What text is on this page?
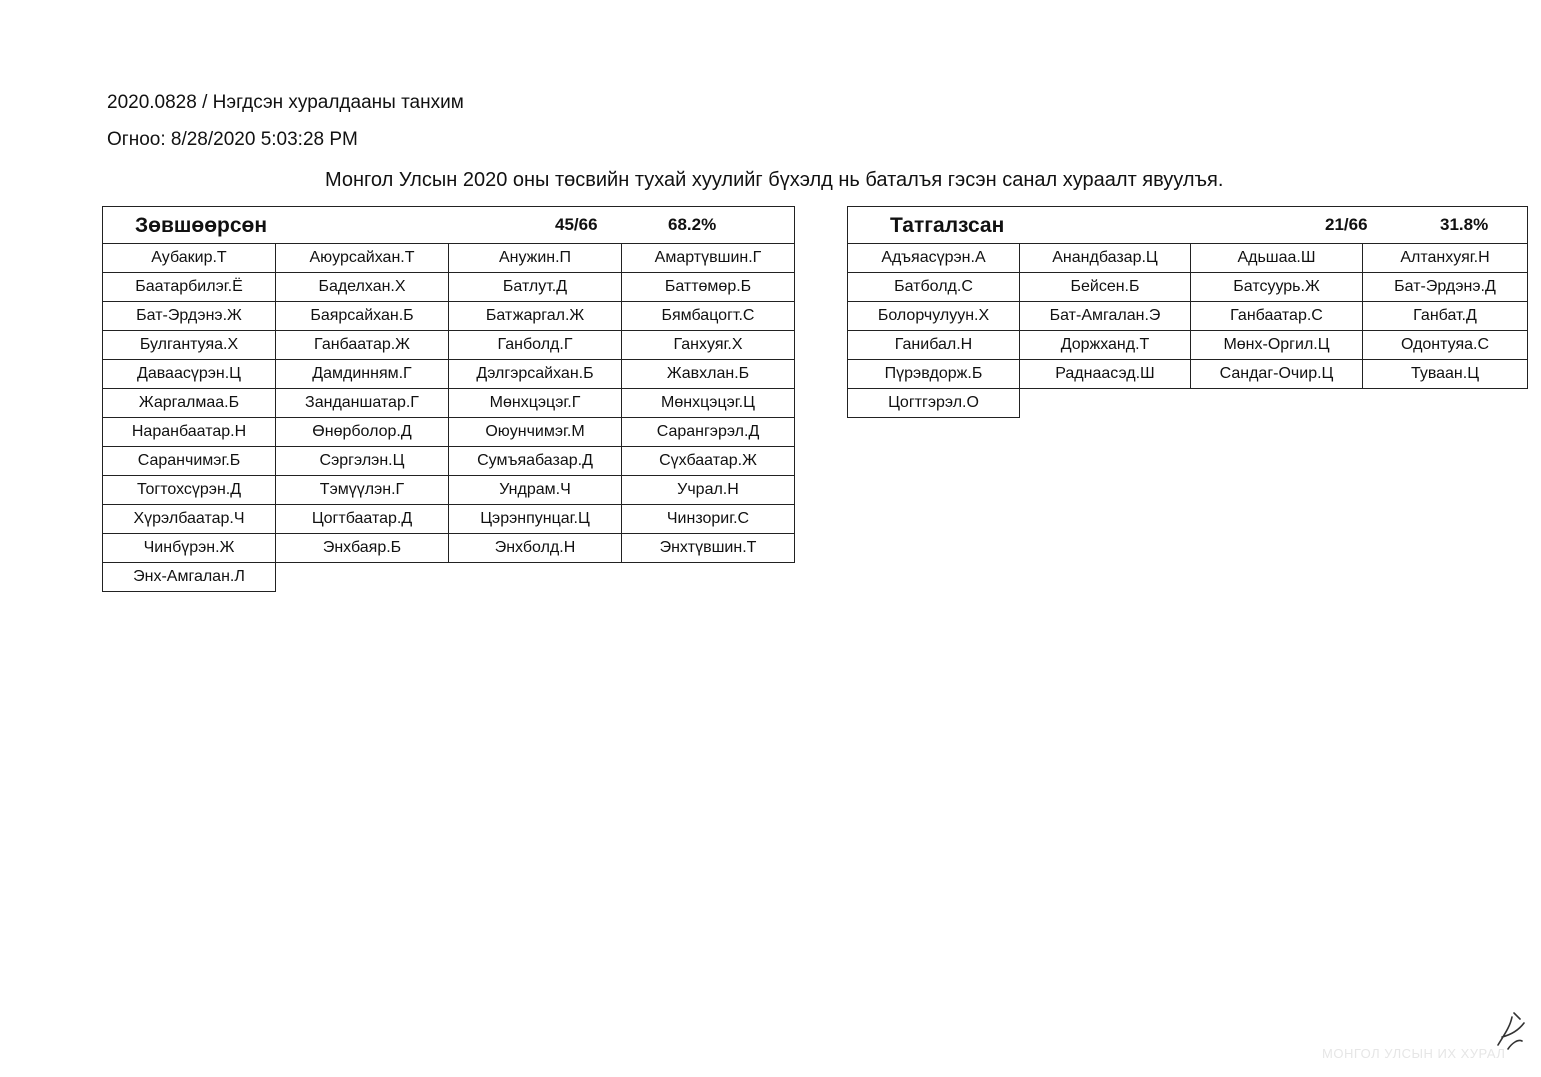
2020.0828 / Нэгдсэн хуралдааны танхим
Огноо: 8/28/2020 5:03:28 PM
Монгол Улсын 2020 оны төсвийн тухай хуулийг бүхэлд нь баталъя гэсэн санал хураалт явуулъя.
Зөвшөөрсөн 45/66 68.2%			

Аубакир.Т	Аюурсайхан.Т	Анужин.П	Амартүвшин.Г
Баатарбилэг.Ё	Баделхан.Х	Батлут.Д	Баттөмөр.Б
Бат-Эрдэнэ.Ж	Баярсайхан.Б	Батжаргал.Ж	Бямбацогт.С
Булгантуяа.Х	Ганбаатар.Ж	Ганболд.Г	Ганхуяг.Х
Даваасүрэн.Ц	Дамдинням.Г	Дэлгэрсайхан.Б	Жавхлан.Б
Жаргалмаа.Б	Занданшатар.Г	Мөнхцэцэг.Г	Мөнхцэцэг.Ц
Наранбаатар.Н	Өнөрболор.Д	Оюунчимэг.М	Сарангэрэл.Д
Саранчимэг.Б	Сэргэлэн.Ц	Сумъяабазар.Д	Сүхбаатар.Ж
Тогтохсүрэн.Д	Тэмүүлэн.Г	Ундрам.Ч	Учрал.Н
Хүрэлбаатар.Ч	Цогтбаатар.Д	Цэрэнпунцаг.Ц	Чинзориг.С
Чинбүрэн.Ж	Энхбаяр.Б	Энхболд.Н	Энхтүвшин.Т
Энх-Амгалан.Л			
Татгалзсан 21/66 31.8%			

Адъяасүрэн.А	Анандбазар.Ц	Адьшаа.Ш	Алтанхуяг.Н
Батболд.С	Бейсен.Б	Батсуурь.Ж	Бат-Эрдэнэ.Д
Болорчулуун.Х	Бат-Амгалан.Э	Ганбаатар.С	Ганбат.Д
Ганибал.Н	Доржханд.Т	Мөнх-Оргил.Ц	Одонтуяа.С
Пүрэвдорж.Б	Раднаасэд.Ш	Сандаг-Очир.Ц	Туваан.Ц
Цогтгэрэл.О			
МОНГОЛ УЛСЫН ИХ ХУРАЛ
